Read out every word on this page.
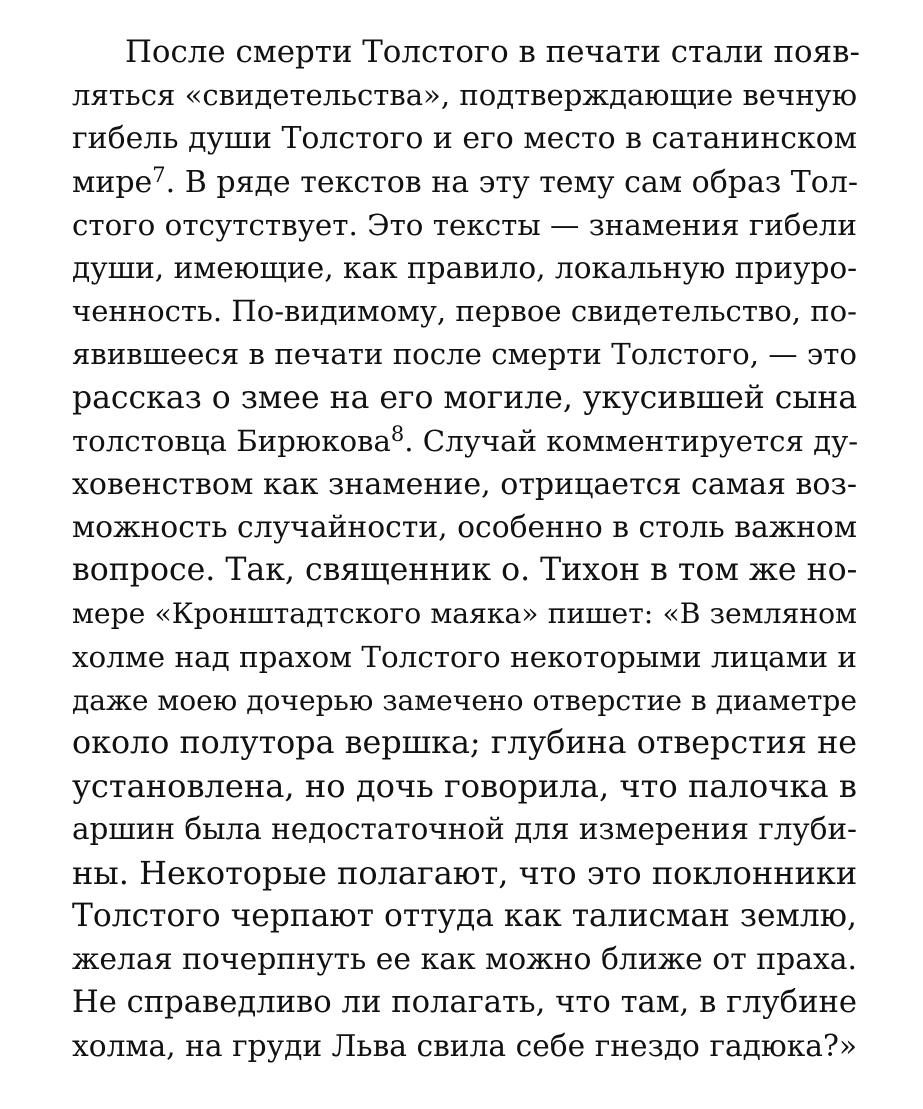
После смерти Толстого в печати стали появ-
ляться «свидетельства», подтверждающие вечную
гибель души Толстого и его место в сатанинском
мире$^7$. В ряде текстов на эту тему сам образ Тол-
стого отсутствует. Это тексты — знамения гибели
души, имеющие, как правило, локальную приуро-
ченность. По-видимому, первое свидетельство, по-
явившееся в печати после смерти Толстого, — это
рассказ о змее на его могиле, укусившей сына
толстовца Бирюкова$^8$. Случай комментируется ду-
ховенством как знамение, отрицается самая воз-
можность случайности, особенно в столь важном
вопросе. Так, священник о. Тихон в том же но-
мере «Кронштадтского маяка» пишет: «В земляном
холме над прахом Толстого некоторыми лицами и
даже моею дочерью замечено отверстие в диаметре
около полутора вершка; глубина отверстия не
установлена, но дочь говорила, что палочка в
аршин была недостаточной для измерения глуби-
ны. Некоторые полагают, что это поклонники
Толстого черпают оттуда как талисман землю,
желая почерпнуть ее как можно ближе от праха.
Не справедливо ли полагать, что там, в глубине
холма, на груди Льва свила себе гнездо гадюка?»
